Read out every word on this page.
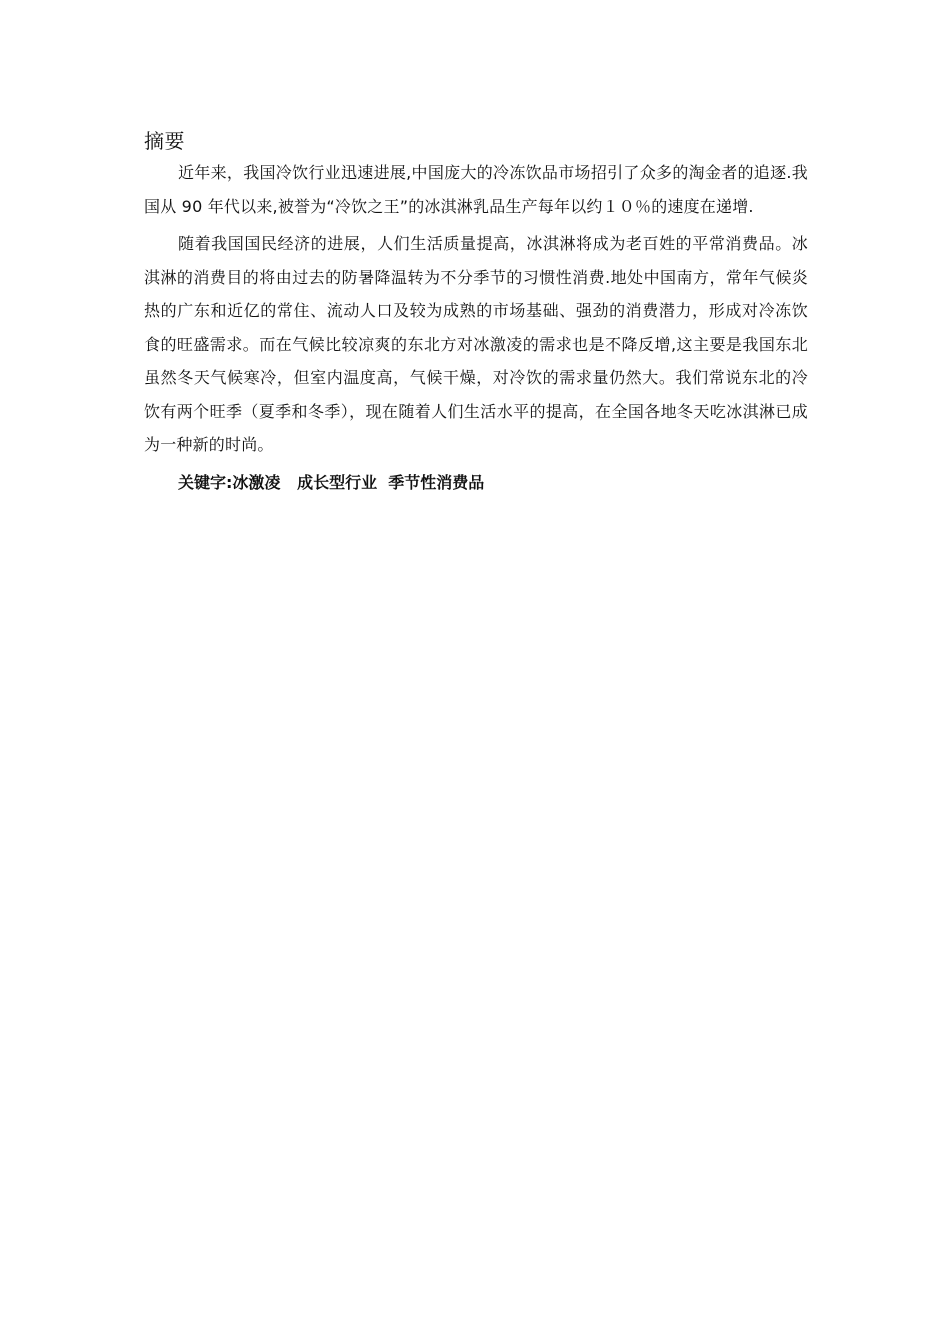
摘要

近年来，我国冷饮行业迅速进展,中国庞大的冷冻饮品市场招引了众多的淘金者的追逐.我国从 90 年代以来,被誉为“冷饮之王”的冰淇淋乳品生产每年以约１０％的速度在递增.

随着我国国民经济的进展，人们生活质量提高，冰淇淋将成为老百姓的平常消费品。冰淇淋的消费目的将由过去的防暑降温转为不分季节的习惯性消费.地处中国南方，常年气候炎热的广东和近亿的常住、流动人口及较为成熟的市场基础、强劲的消费潜力，形成对冷冻饮食的旺盛需求。而在气候比较凉爽的东北方对冰激凌的需求也是不降反增,这主要是我国东北虽然冬天气候寒冷，但室内温度高，气候干燥，对冷饮的需求量仍然大。我们常说东北的冷饮有两个旺季（夏季和冬季），现在随着人们生活水平的提高，在全国各地冬天吃冰淇淋已成为一种新的时尚。

关键字:冰激凌   成长型行业  季节性消费品
